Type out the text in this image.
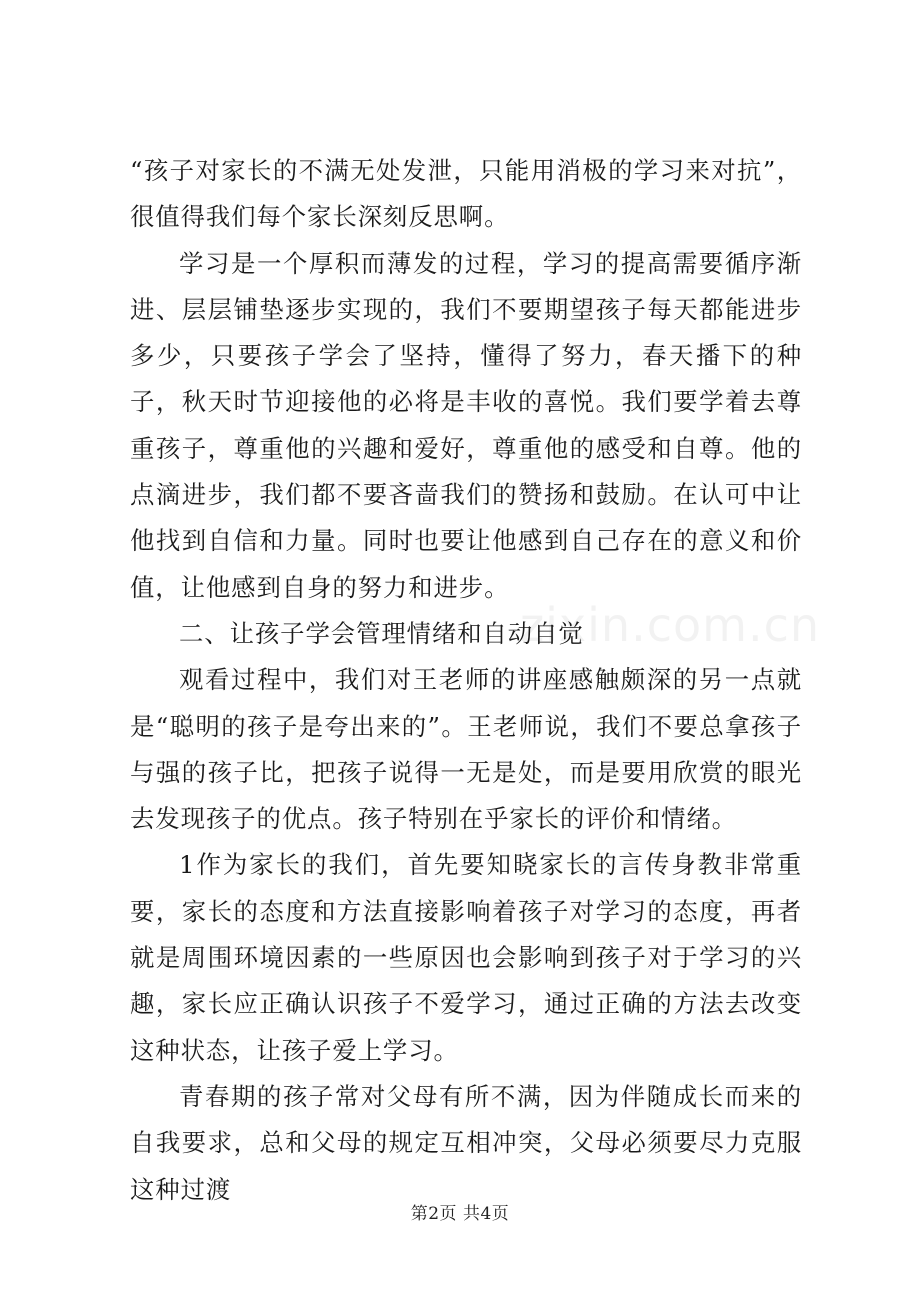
zixin.com.cn

“孩子对家长的不满无处发泄，只能用消极的学习来对抗”，很值得我们每个家长深刻反思啊。

学习是一个厚积而薄发的过程，学习的提高需要循序渐进、层层铺垫逐步实现的，我们不要期望孩子每天都能进步多少，只要孩子学会了坚持，懂得了努力，春天播下的种子，秋天时节迎接他的必将是丰收的喜悦。我们要学着去尊重孩子，尊重他的兴趣和爱好，尊重他的感受和自尊。他的点滴进步，我们都不要吝啬我们的赞扬和鼓励。在认可中让他找到自信和力量。同时也要让他感到自己存在的意义和价值，让他感到自身的努力和进步。

二、让孩子学会管理情绪和自动自觉

观看过程中，我们对王老师的讲座感触颇深的另一点就是“聪明的孩子是夸出来的”。王老师说，我们不要总拿孩子与强的孩子比，把孩子说得一无是处，而是要用欣赏的眼光去发现孩子的优点。孩子特别在乎家长的评价和情绪。

1作为家长的我们，首先要知晓家长的言传身教非常重要，家长的态度和方法直接影响着孩子对学习的态度，再者就是周围环境因素的一些原因也会影响到孩子对于学习的兴趣，家长应正确认识孩子不爱学习，通过正确的方法去改变这种状态，让孩子爱上学习。

青春期的孩子常对父母有所不满，因为伴随成长而来的自我要求，总和父母的规定互相冲突，父母必须要尽力克服这种过渡

第2页 共4页
